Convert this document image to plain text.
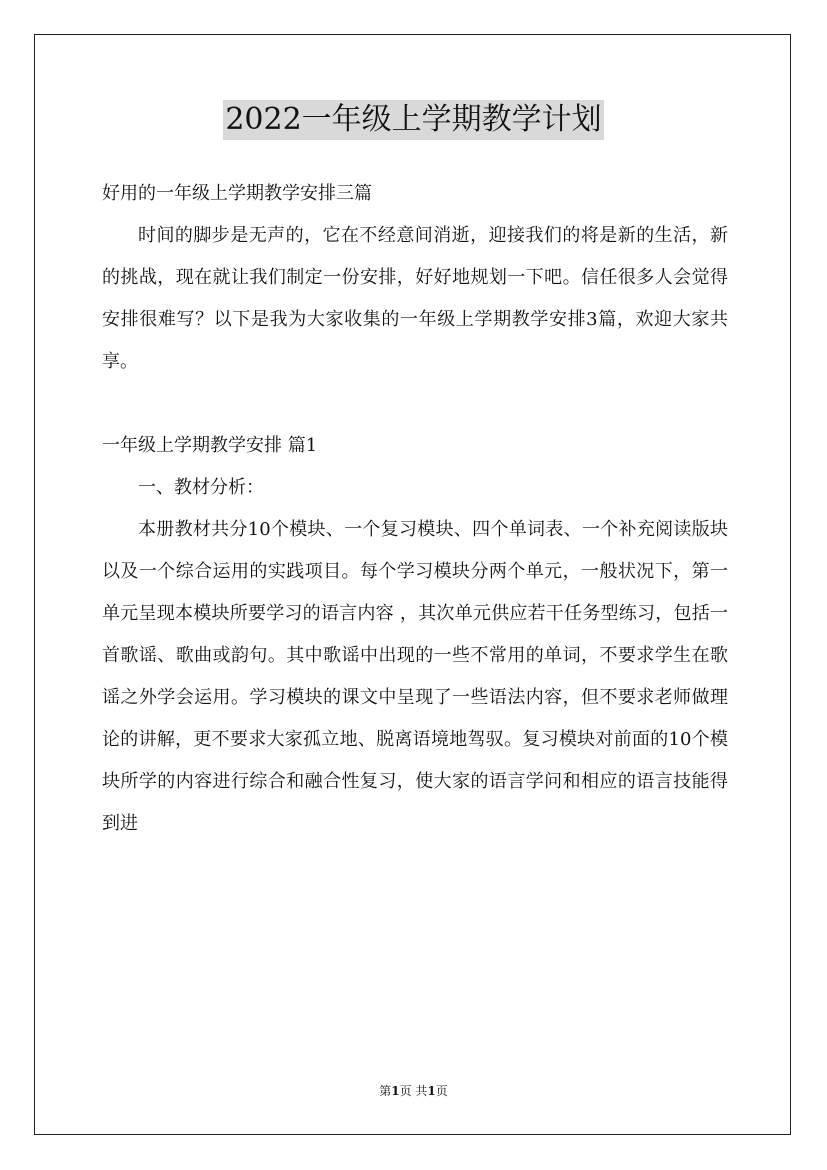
2022一年级上学期教学计划

好用的一年级上学期教学安排三篇

时间的脚步是无声的，它在不经意间消逝，迎接我们的将是新的生活，新的挑战，现在就让我们制定一份安排，好好地规划一下吧。信任很多人会觉得安排很难写？以下是我为大家收集的一年级上学期教学安排3篇，欢迎大家共享。

一年级上学期教学安排 篇1

一、教材分析：

本册教材共分10个模块、一个复习模块、四个单词表、一个补充阅读版块以及一个综合运用的实践项目。每个学习模块分两个单元，一般状况下，第一单元呈现本模块所要学习的语言内容 ，其次单元供应若干任务型练习，包括一首歌谣、歌曲或韵句。其中歌谣中出现的一些不常用的单词，不要求学生在歌谣之外学会运用。学习模块的课文中呈现了一些语法内容，但不要求老师做理论的讲解，更不要求大家孤立地、脱离语境地驾驭。复习模块对前面的10个模块所学的内容进行综合和融合性复习，使大家的语言学问和相应的语言技能得到进

第1页 共1页
